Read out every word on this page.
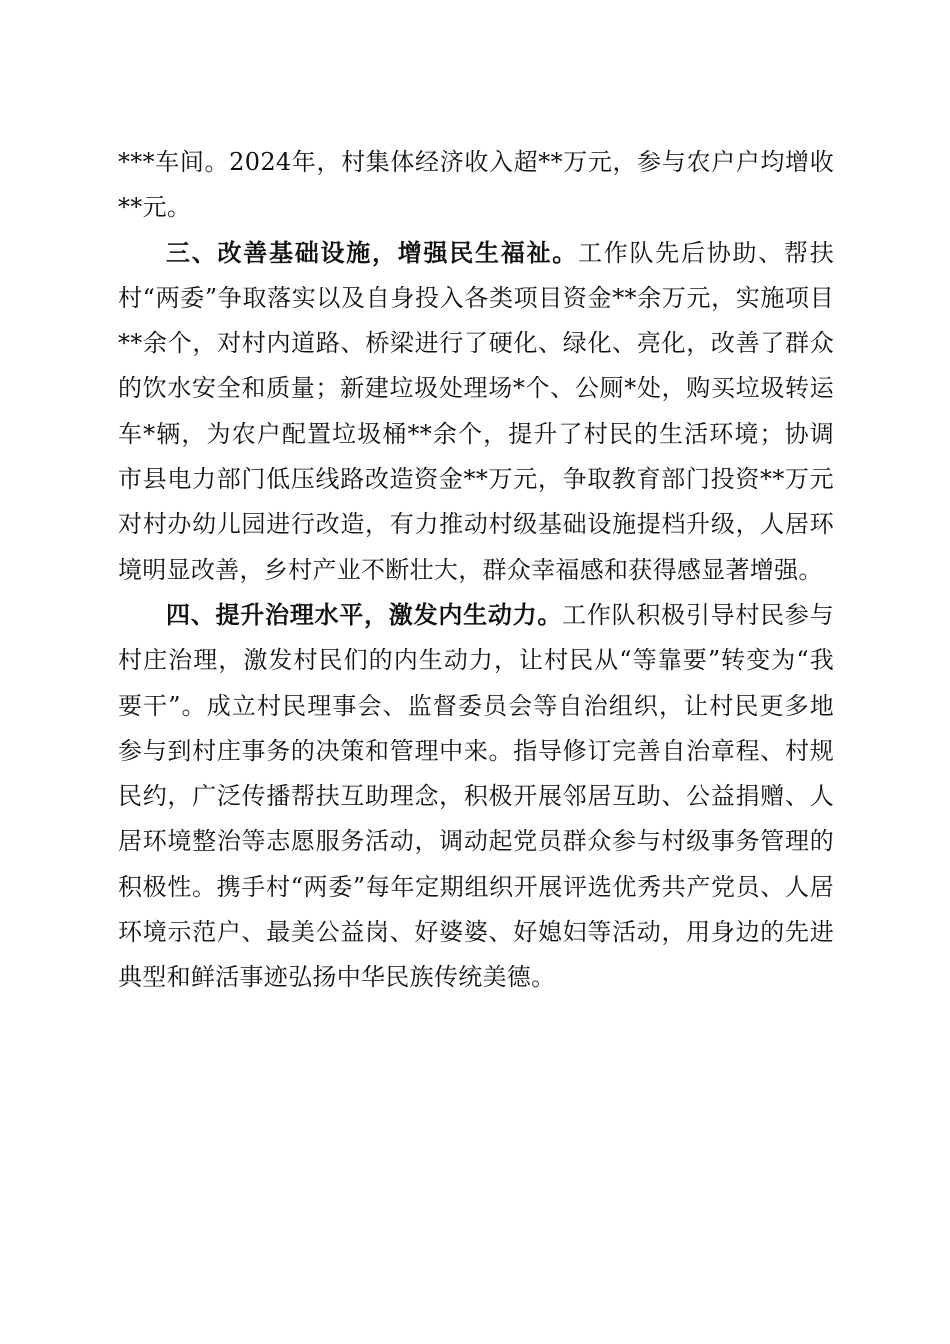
***车间。2024年，村集体经济收入超**万元，参与农户户均增收**元。

三、改善基础设施，增强民生福祉。工作队先后协助、帮扶村“两委”争取落实以及自身投入各类项目资金**余万元，实施项目**余个，对村内道路、桥梁进行了硬化、绿化、亮化，改善了群众的饮水安全和质量；新建垃圾处理场*个、公厕*处，购买垃圾转运车*辆，为农户配置垃圾桶**余个，提升了村民的生活环境；协调市县电力部门低压线路改造资金**万元，争取教育部门投资**万元对村办幼儿园进行改造，有力推动村级基础设施提档升级，人居环境明显改善，乡村产业不断壮大，群众幸福感和获得感显著增强。

四、提升治理水平，激发内生动力。工作队积极引导村民参与村庄治理，激发村民们的内生动力，让村民从“等靠要”转变为“我要干”。成立村民理事会、监督委员会等自治组织，让村民更多地参与到村庄事务的决策和管理中来。指导修订完善自治章程、村规民约，广泛传播帮扶互助理念，积极开展邻居互助、公益捐赠、人居环境整治等志愿服务活动，调动起党员群众参与村级事务管理的积极性。携手村“两委”每年定期组织开展评选优秀共产党员、人居环境示范户、最美公益岗、好婆婆、好媳妇等活动，用身边的先进典型和鲜活事迹弘扬中华民族传统美德。
